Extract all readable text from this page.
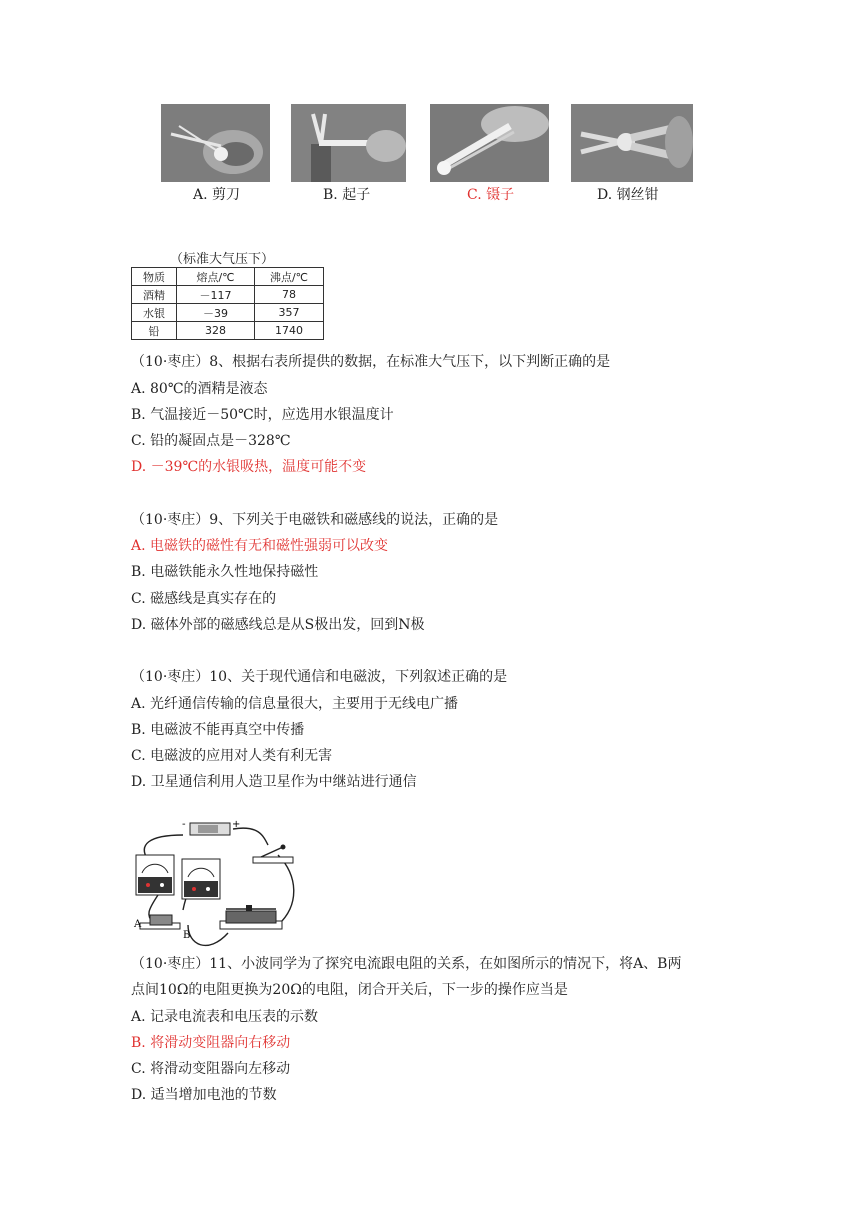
A. 剪刀	B. 起子	C. 镊子	D. 钢丝钳
（标准大气压下）
物质	熔点/℃	沸点/℃
酒精	－117	78
水银	－39	357
铅	328	1740
（10·枣庄）8、根据右表所提供的数据，在标准大气压下，以下判断正确的是
A. 80℃的酒精是液态
B. 气温接近－50℃时，应选用水银温度计
C. 铅的凝固点是－328℃
D. －39℃的水银吸热，温度可能不变
（10·枣庄）9、下列关于电磁铁和磁感线的说法，正确的是
A. 电磁铁的磁性有无和磁性强弱可以改变
B. 电磁铁能永久性地保持磁性
C. 磁感线是真实存在的
D. 磁体外部的磁感线总是从S极出发，回到N极
（10·枣庄）10、关于现代通信和电磁波，下列叙述正确的是
A. 光纤通信传输的信息量很大，主要用于无线电广播
B. 电磁波不能再真空中传播
C. 电磁波的应用对人类有利无害
D. 卫星通信利用人造卫星作为中继站进行通信
+
-
A
B
（10·枣庄）11、小波同学为了探究电流跟电阻的关系，在如图所示的情况下，将A、B两
点间10Ω的电阻更换为20Ω的电阻，闭合开关后，下一步的操作应当是
A. 记录电流表和电压表的示数
B. 将滑动变阻器向右移动
C. 将滑动变阻器向左移动
D. 适当增加电池的节数
